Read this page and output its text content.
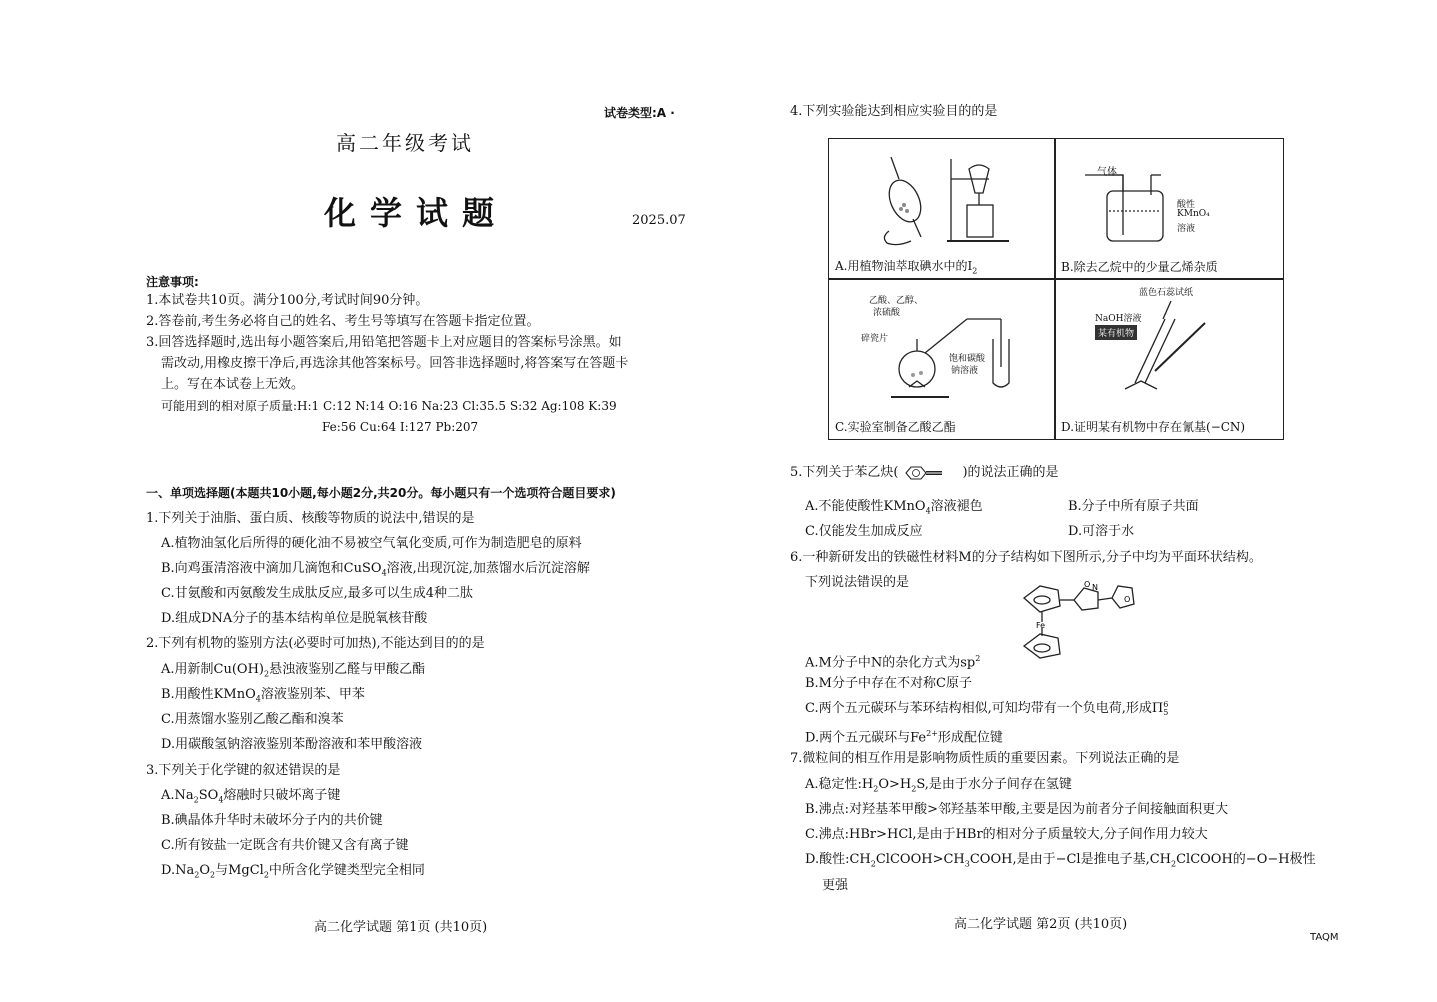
试卷类型:A ·
高二年级考试
化学试题	2025.07
注意事项:
1.本试卷共10页。满分100分,考试时间90分钟。
2.答卷前,考生务必将自己的姓名、考生号等填写在答题卡指定位置。
3.回答选择题时,选出每小题答案后,用铅笔把答题卡上对应题目的答案标号涂黑。如
需改动,用橡皮擦干净后,再选涂其他答案标号。回答非选择题时,将答案写在答题卡
上。写在本试卷上无效。
可能用到的相对原子质量:H:1 C:12 N:14 O:16 Na:23 Cl:35.5 S:32 Ag:108 K:39
Fe:56 Cu:64 I:127 Pb:207
一、单项选择题(本题共10小题,每小题2分,共20分。每小题只有一个选项符合题目要求)
1.下列关于油脂、蛋白质、核酸等物质的说法中,错误的是
A.植物油氢化后所得的硬化油不易被空气氧化变质,可作为制造肥皂的原料
B.向鸡蛋清溶液中滴加几滴饱和CuSO$_4$溶液,出现沉淀,加蒸馏水后沉淀溶解
C.甘氨酸和丙氨酸发生成肽反应,最多可以生成4种二肽
D.组成DNA分子的基本结构单位是脱氧核苷酸
2.下列有机物的鉴别方法(必要时可加热),不能达到目的的是
A.用新制$Cu(OH)_2$悬浊液鉴别乙醛与甲酸乙酯
B.用酸性KMnO$_4$溶液鉴别苯、甲苯
C.用蒸馏水鉴别乙酸乙酯和溴苯
D.用碳酸氢钠溶液鉴别苯酚溶液和苯甲酸溶液
3.下列关于化学键的叙述错误的是
$A.Na_2SO_4$熔融时只破坏离子键
B.碘晶体升华时未破坏分子内的共价键
C.所有铵盐一定既含有共价键又含有离子键
$D.Na_2O_2$与MgCl$_2$中所含化学键类型完全相同
高二化学试题 第1页 (共10页)
4.下列实验能达到相应实验目的的是
A.用植物油萃取碘水中的$I_2$
气体
酸性
KMnO₄
溶液
B.除去乙烷中的少量乙烯杂质
乙酸、乙醇、
浓硫酸
碎瓷片
饱和碳酸
钠溶液
C.实验室制备乙酸乙酯
蓝色石蕊试纸
NaOH溶液
某有机物
D.证明某有机物中存在氰基(−CN)
5.下列关于苯乙炔(	)的说法正确的是
A.不能使酸性KMnO$_4$溶液褪色	B.分子中所有原子共面
C.仅能发生加成反应	D.可溶于水
6.一种新研发出的铁磁性材料M的分子结构如下图所示,分子中均为平面环状结构。
下列说法错误的是	O N
O
Fe
A.M分子中N的杂化方式为$sp^2$
B.M分子中存在不对称C原子
C.两个五元碳环与苯环结构相似,可知均带有一个负电荷,形成Π 6
5
D.两个五元碳环与$Fe^{2+}$形成配位键
7.微粒间的相互作用是影响物质性质的重要因素。下列说法正确的是
A.稳定性$:H_2O>H_2S$,是由于水分子间存在氢键
B.沸点:对羟基苯甲酸>邻羟基苯甲酸,主要是因为前者分子间接触面积更大
C.沸点:HBr>HCl,是由于HBr的相对分子质量较大,分子间作用力较大
D.酸性$:CH_2ClCOOH>CH_3COOH$,是由于−Cl是推电子基$,CH_2ClCOOH$的−O−H极性
更强
高二化学试题 第2页 (共10页)
TAQM
